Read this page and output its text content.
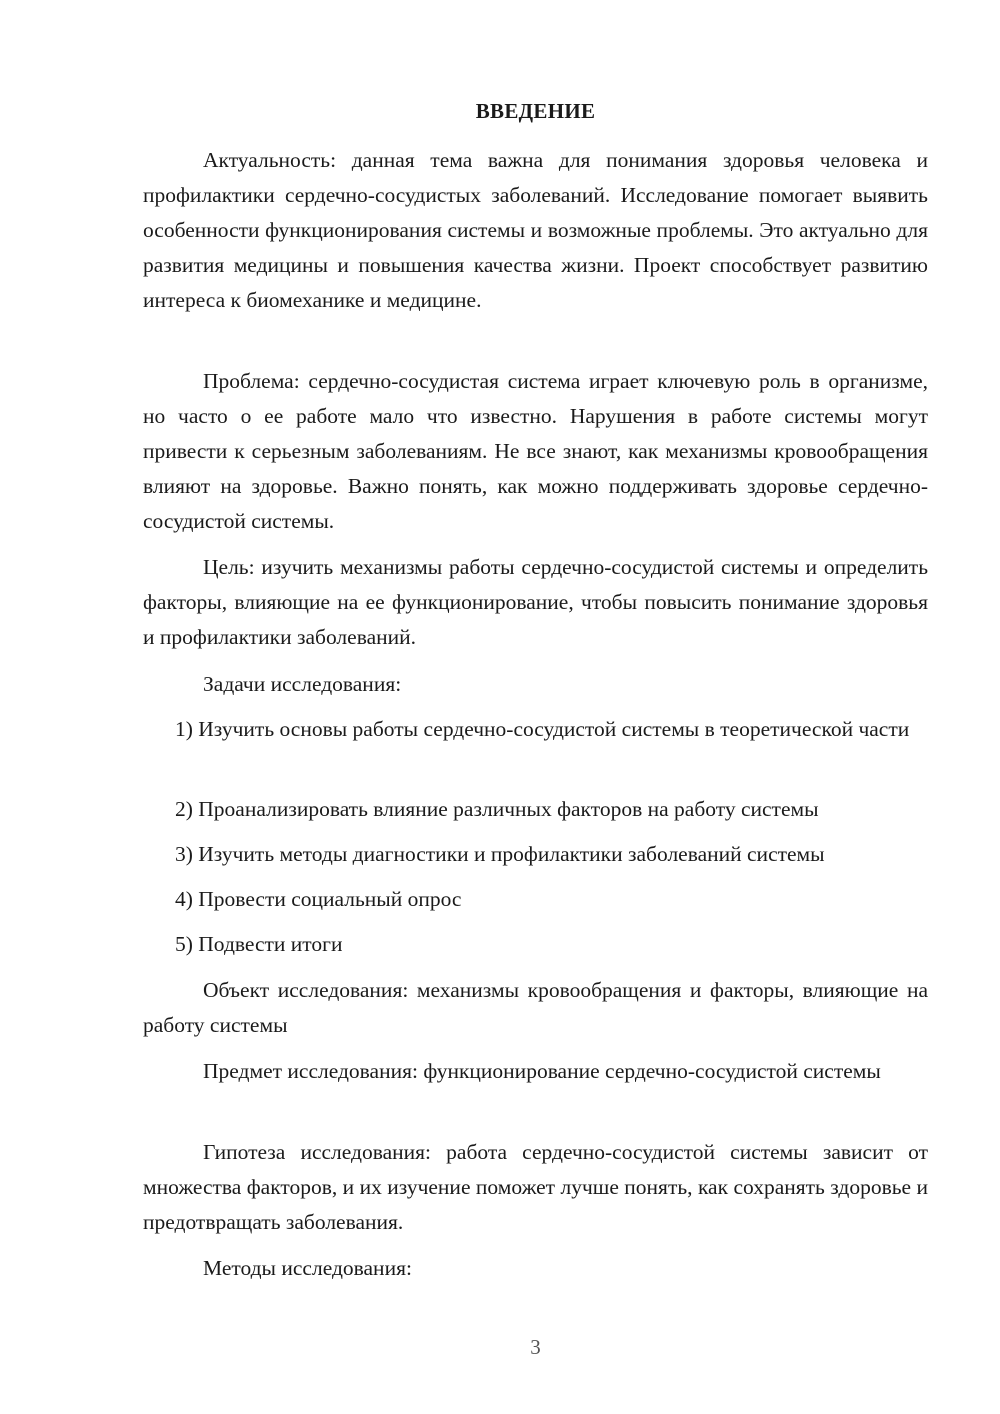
ВВЕДЕНИЕ

Актуальность: данная тема важна для понимания здоровья человека и профилактики сердечно-сосудистых заболеваний. Исследование помогает выявить особенности функционирования системы и возможные проблемы. Это актуально для развития медицины и повышения качества жизни. Проект способствует развитию интереса к биомеханике и медицине.

Проблема: сердечно-сосудистая система играет ключевую роль в организме, но часто о ее работе мало что известно. Нарушения в работе системы могут привести к серьезным заболеваниям. Не все знают, как механизмы кровообращения влияют на здоровье. Важно понять, как можно поддерживать здоровье сердечно-сосудистой системы.

Цель: изучить механизмы работы сердечно-сосудистой системы и определить факторы, влияющие на ее функционирование, чтобы повысить понимание здоровья и профилактики заболеваний.

Задачи исследования:

1) Изучить основы работы сердечно-сосудистой системы в теоретической части

2) Проанализировать влияние различных факторов на работу системы

3) Изучить методы диагностики и профилактики заболеваний системы

4) Провести социальный опрос

5) Подвести итоги

Объект исследования: механизмы кровообращения и факторы, влияющие на работу системы

Предмет исследования: функционирование сердечно-сосудистой системы

Гипотеза исследования: работа сердечно-сосудистой системы зависит от множества факторов, и их изучение поможет лучше понять, как сохранять здоровье и предотвращать заболевания.

Методы исследования:

3
